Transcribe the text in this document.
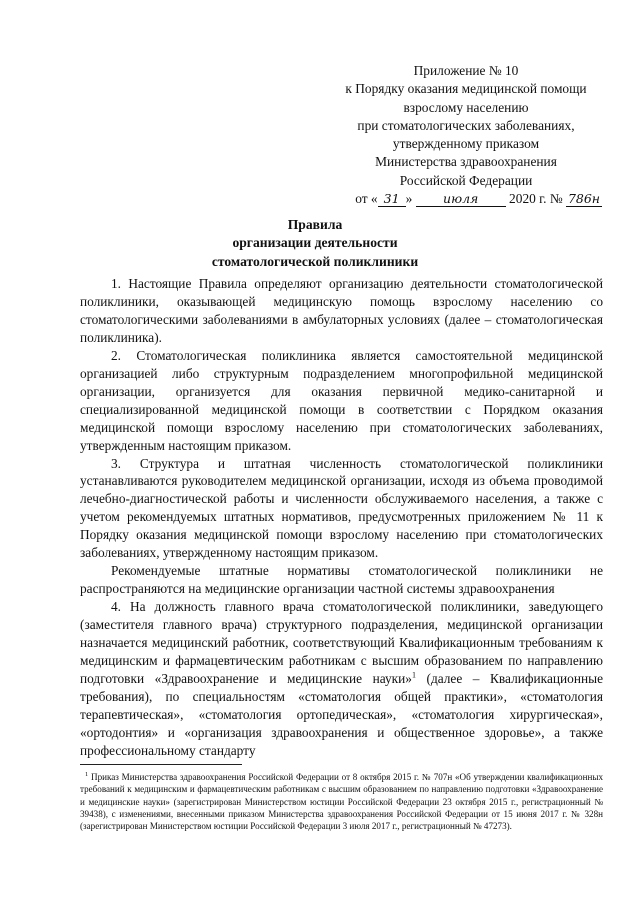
Приложение № 10
к Порядку оказания медицинской помощи
взрослому населению
при стоматологических заболеваниях,
утвержденному приказом
Министерства здравоохранения
Российской Федерации
от « 31 » июля 2020 г. № 786н
Правила
организации деятельности
стоматологической поликлиники

1. Настоящие Правила определяют организацию деятельности стоматологической поликлиники, оказывающей медицинскую помощь взрослому населению со стоматологическими заболеваниями в амбулаторных условиях (далее – стоматологическая поликлиника).

2. Стоматологическая поликлиника является самостоятельной медицинской организацией либо структурным подразделением многопрофильной медицинской организации, организуется для оказания первичной медико-санитарной и специализированной медицинской помощи в соответствии с Порядком оказания медицинской помощи взрослому населению при стоматологических заболеваниях, утвержденным настоящим приказом.

3. Структура и штатная численность стоматологической поликлиники устанавливаются руководителем медицинской организации, исходя из объема проводимой лечебно-диагностической работы и численности обслуживаемого населения, а также с учетом рекомендуемых штатных нормативов, предусмотренных приложением № 11 к Порядку оказания медицинской помощи взрослому населению при стоматологических заболеваниях, утвержденному настоящим приказом.

Рекомендуемые штатные нормативы стоматологической поликлиники не распространяются на медицинские организации частной системы здравоохранения

4. На должность главного врача стоматологической поликлиники, заведующего (заместителя главного врача) структурного подразделения, медицинской организации назначается медицинский работник, соответствующий Квалификационным требованиям к медицинским и фармацевтическим работникам с высшим образованием по направлению подготовки «Здравоохранение и медицинские науки»$^1$ (далее – Квалификационные требования), по специальностям «стоматология общей практики», «стоматология терапевтическая», «стоматология ортопедическая», «стоматология хирургическая», «ортодонтия» и «организация здравоохранения и общественное здоровье», а также профессиональному стандарту

$^1$ Приказ Министерства здравоохранения Российской Федерации от 8 октября 2015 г. № 707н «Об утверждении квалификационных требований к медицинским и фармацевтическим работникам с высшим образованием по направлению подготовки «Здравоохранение и медицинские науки» (зарегистрирован Министерством юстиции Российской Федерации 23 октября 2015 г., регистрационный № 39438), с изменениями, внесенными приказом Министерства здравоохранения Российской Федерации от 15 июня 2017 г. № 328н (зарегистрирован Министерством юстиции Российской Федерации 3 июля 2017 г., регистрационный № 47273).
